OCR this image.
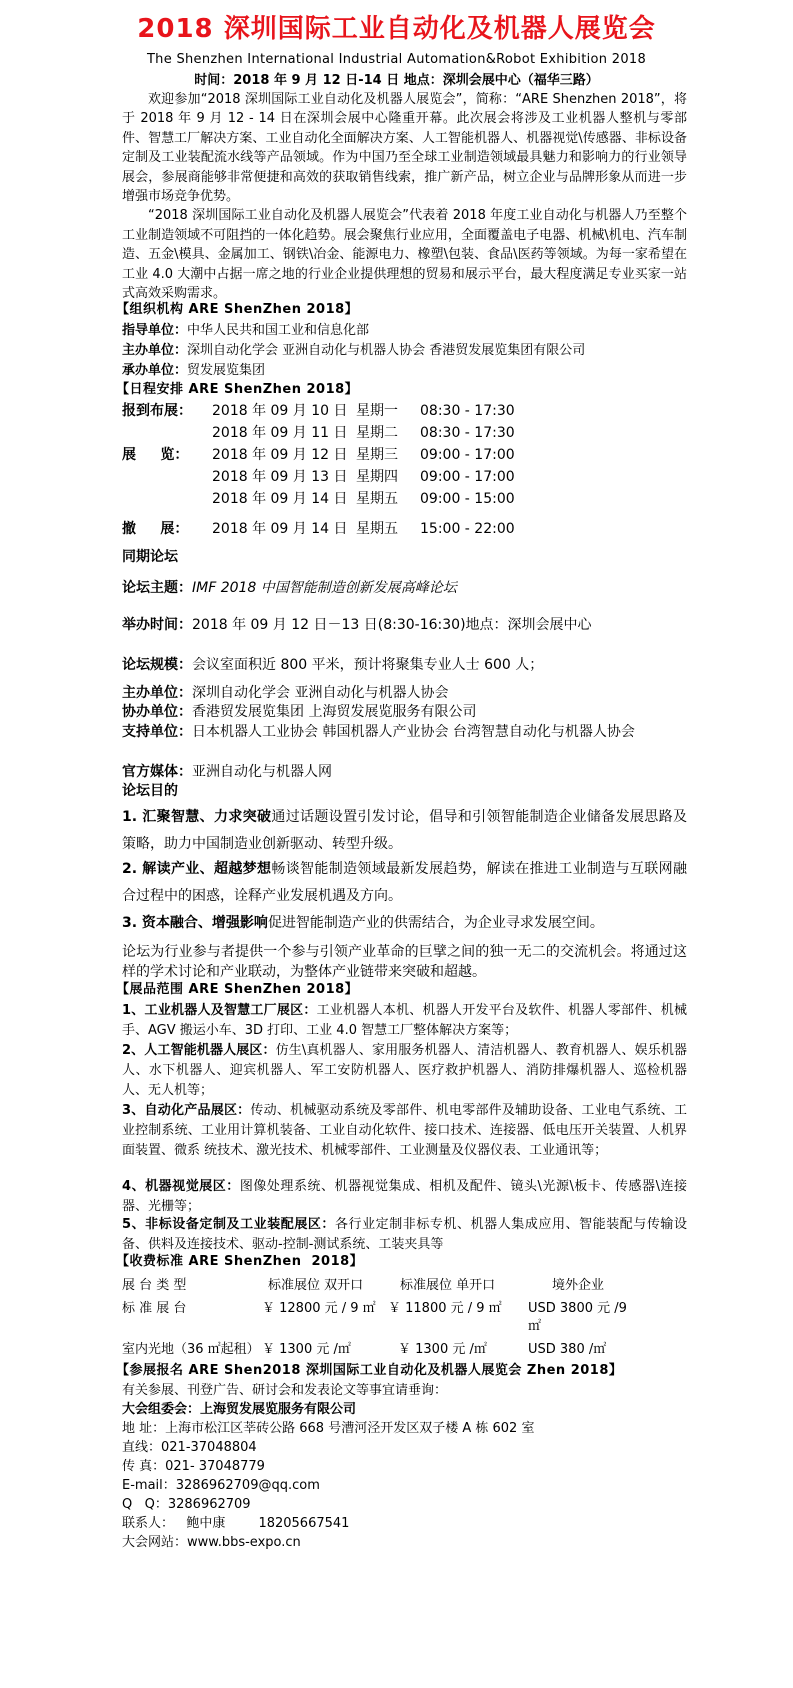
2018 深圳国际工业自动化及机器人展览会
The Shenzhen International Industrial Automation&Robot Exhibition 2018
时间：2018 年 9 月 12 日-14 日 地点：深圳会展中心（福华三路）

欢迎参加“2018 深圳国际工业自动化及机器人展览会”，简称：“ARE Shenzhen 2018”，将于 2018 年 9 月 12 - 14 日在深圳会展中心隆重开幕。此次展会将涉及工业机器人整机与零部件、智慧工厂解决方案、工业自动化全面解决方案、人工智能机器人、机器视觉\传感器、非标设备定制及工业装配流水线等产品领域。作为中国乃至全球工业制造领域最具魅力和影响力的行业领导展会，参展商能够非常便捷和高效的获取销售线索，推广新产品，树立企业与品牌形象从而进一步增强市场竞争优势。

“2018 深圳国际工业自动化及机器人展览会”代表着 2018 年度工业自动化与机器人乃至整个工业制造领域不可阻挡的一体化趋势。展会聚焦行业应用，全面覆盖电子电器、机械\机电、汽车制造、五金\模具、金属加工、钢铁\冶金、能源电力、橡塑\包装、食品\医药等领域。为每一家希望在工业 4.0 大潮中占据一席之地的行业企业提供理想的贸易和展示平台，最大程度满足专业买家一站式高效采购需求。

【组织机构 ARE ShenZhen 2018】
指导单位：中华人民共和国工业和信息化部
主办单位：深圳自动化学会 亚洲自动化与机器人协会 香港贸发展览集团有限公司
承办单位：贸发展览集团
【日程安排 ARE ShenZhen 2018】
报到布展： 2018 年 09 月 10 日 星期一 08:30 - 17:30
2018 年 09 月 11 日 星期二 08:30 - 17:30
展     览： 2018 年 09 月 12 日 星期三 09:00 - 17:00
2018 年 09 月 13 日 星期四 09:00 - 17:00
2018 年 09 月 14 日 星期五 09:00 - 15:00
撤     展： 2018 年 09 月 14 日 星期五 15:00 - 22:00
同期论坛
论坛主题：IMF 2018 中国智能制造创新发展高峰论坛
举办时间：2018 年 09 月 12 日－13 日(8:30-16:30)地点：深圳会展中心
论坛规模：会议室面积近 800 平米，预计将聚集专业人士 600 人；
主办单位：深圳自动化学会 亚洲自动化与机器人协会
协办单位：香港贸发展览集团 上海贸发展览服务有限公司
支持单位：日本机器人工业协会 韩国机器人产业协会 台湾智慧自动化与机器人协会
官方媒体：亚洲自动化与机器人网
论坛目的
1. 汇聚智慧、力求突破通过话题设置引发讨论，倡导和引领智能制造企业储备发展思路及策略，助力中国制造业创新驱动、转型升级。
2. 解读产业、超越梦想畅谈智能制造领域最新发展趋势，解读在推进工业制造与互联网融合过程中的困惑，诠释产业发展机遇及方向。
3. 资本融合、增强影响促进智能制造产业的供需结合，为企业寻求发展空间。
论坛为行业参与者提供一个参与引领产业革命的巨擘之间的独一无二的交流机会。将通过这样的学术讨论和产业联动，为整体产业链带来突破和超越。
【展品范围 ARE ShenZhen 2018】
1、工业机器人及智慧工厂展区：工业机器人本机、机器人开发平台及软件、机器人零部件、机械手、AGV 搬运小车、3D 打印、工业 4.0 智慧工厂整体解决方案等；
2、人工智能机器人展区：仿生\真机器人、家用服务机器人、清洁机器人、教育机器人、娱乐机器人、水下机器人、迎宾机器人、军工安防机器人、医疗救护机器人、消防排爆机器人、巡检机器人、无人机等；
3、自动化产品展区：传动、机械驱动系统及零部件、机电零部件及辅助设备、工业电气系统、工业控制系统、工业用计算机装备、工业自动化软件、接口技术、连接器、低电压开关装置、人机界面装置、微系 统技术、激光技术、机械零部件、工业测量及仪器仪表、工业通讯等；
4、机器视觉展区：图像处理系统、机器视觉集成、相机及配件、镜头\光源\板卡、传感器\连接器、光栅等；
5、非标设备定制及工业装配展区：各行业定制非标专机、机器人集成应用、智能装配与传输设备、供料及连接技术、驱动-控制-测试系统、工装夹具等
【收费标准 ARE ShenZhen  2018】
展 台 类 型	标准展位 双开口	标准展位 单开口	境外企业
标 准 展 台	￥ 12800 元 / 9 ㎡ ￥ 11800 元 / 9 ㎡ USD 3800 元 /9
㎡
室内光地（36 ㎡起租） ￥ 1300 元 /㎡	￥ 1300 元 /㎡	USD 380 /㎡
【参展报名 ARE Shen2018 深圳国际工业自动化及机器人展览会 Zhen 2018】
有关参展、刊登广告、研讨会和发表论文等事宜请垂询：
大会组委会：上海贸发展览服务有限公司
地 址：上海市松江区莘砖公路 668 号漕河泾开发区双子楼 A 栋 602 室
直线：021-37048804
传 真：021- 37048779
E-mail：3286962709@qq.com
Q   Q：3286962709
联系人：   鲍中康        18205667541
大会网站：www.bbs-expo.cn
